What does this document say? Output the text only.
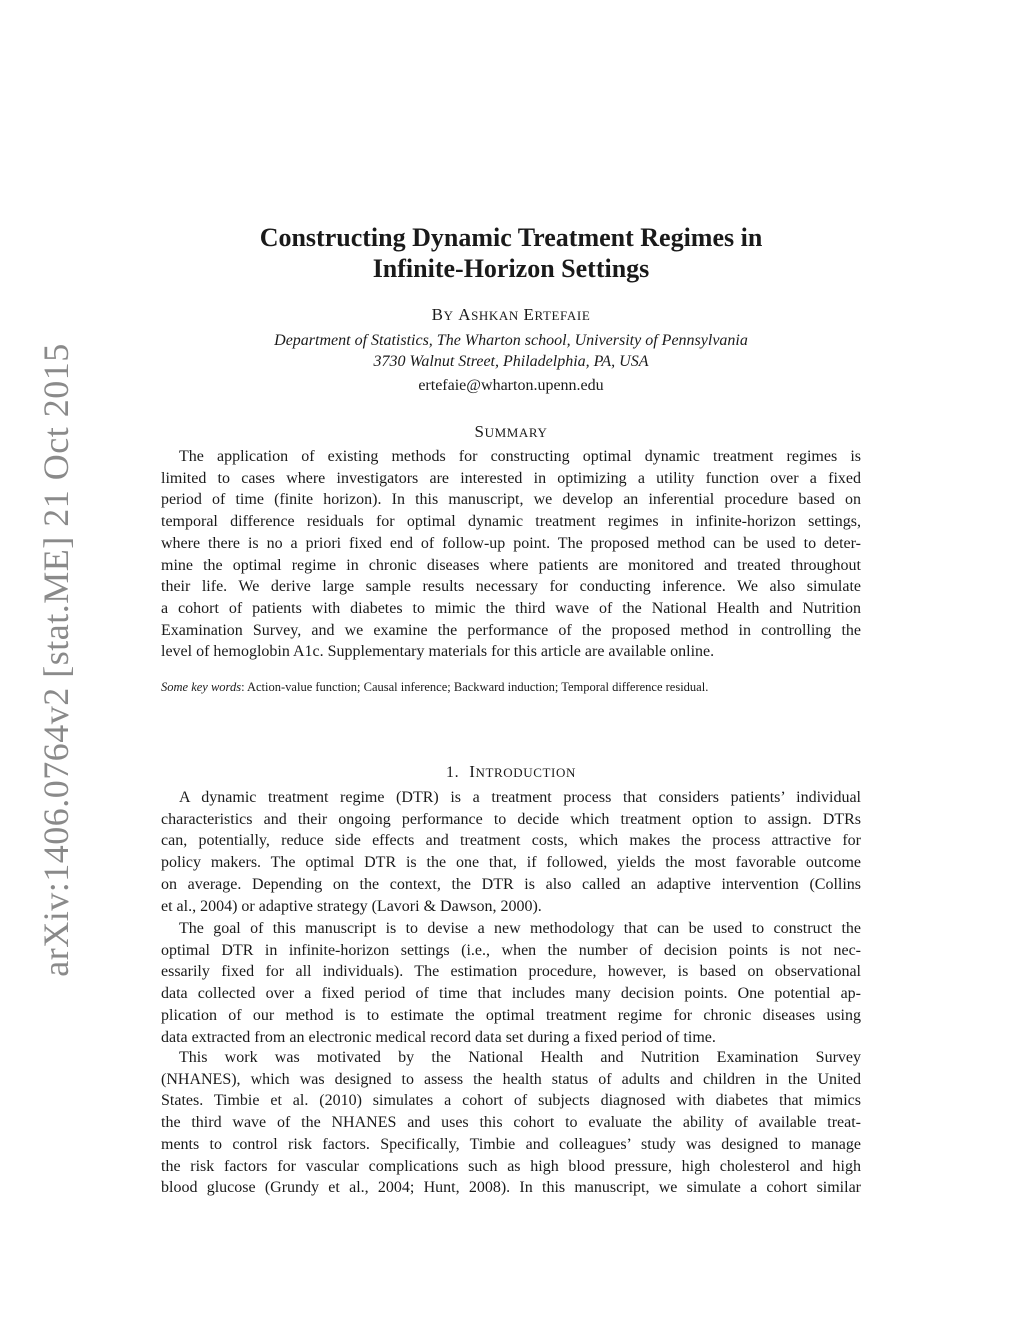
arXiv:1406.0764v2 [stat.ME] 21 Oct 2015
Constructing Dynamic Treatment Regimes in
Infinite-Horizon Settings
BY ASHKAN ERTEFAIE
Department of Statistics, The Wharton school, University of Pennsylvania
3730 Walnut Street, Philadelphia, PA, USA
ertefaie@wharton.upenn.edu
SUMMARY
The application of existing methods for constructing optimal dynamic treatment regimes is
limited to cases where investigators are interested in optimizing a utility function over a fixed
period of time (finite horizon). In this manuscript, we develop an inferential procedure based on
temporal difference residuals for optimal dynamic treatment regimes in infinite-horizon settings,
where there is no a priori fixed end of follow-up point. The proposed method can be used to deter-
mine the optimal regime in chronic diseases where patients are monitored and treated throughout
their life. We derive large sample results necessary for conducting inference. We also simulate
a cohort of patients with diabetes to mimic the third wave of the National Health and Nutrition
Examination Survey, and we examine the performance of the proposed method in controlling the
level of hemoglobin A1c. Supplementary materials for this article are available online.
Some key words: Action-value function; Causal inference; Backward induction; Temporal difference residual.
1. INTRODUCTION
A dynamic treatment regime (DTR) is a treatment process that considers patients’ individual
characteristics and their ongoing performance to decide which treatment option to assign. DTRs
can, potentially, reduce side effects and treatment costs, which makes the process attractive for
policy makers. The optimal DTR is the one that, if followed, yields the most favorable outcome
on average. Depending on the context, the DTR is also called an adaptive intervention (Collins
et al., 2004) or adaptive strategy (Lavori & Dawson, 2000).
The goal of this manuscript is to devise a new methodology that can be used to construct the
optimal DTR in infinite-horizon settings (i.e., when the number of decision points is not nec-
essarily fixed for all individuals). The estimation procedure, however, is based on observational
data collected over a fixed period of time that includes many decision points. One potential ap-
plication of our method is to estimate the optimal treatment regime for chronic diseases using
data extracted from an electronic medical record data set during a fixed period of time.
This work was motivated by the National Health and Nutrition Examination Survey
(NHANES), which was designed to assess the health status of adults and children in the United
States. Timbie et al. (2010) simulates a cohort of subjects diagnosed with diabetes that mimics
the third wave of the NHANES and uses this cohort to evaluate the ability of available treat-
ments to control risk factors. Specifically, Timbie and colleagues’ study was designed to manage
the risk factors for vascular complications such as high blood pressure, high cholesterol and high
blood glucose (Grundy et al., 2004; Hunt, 2008). In this manuscript, we simulate a cohort similar
